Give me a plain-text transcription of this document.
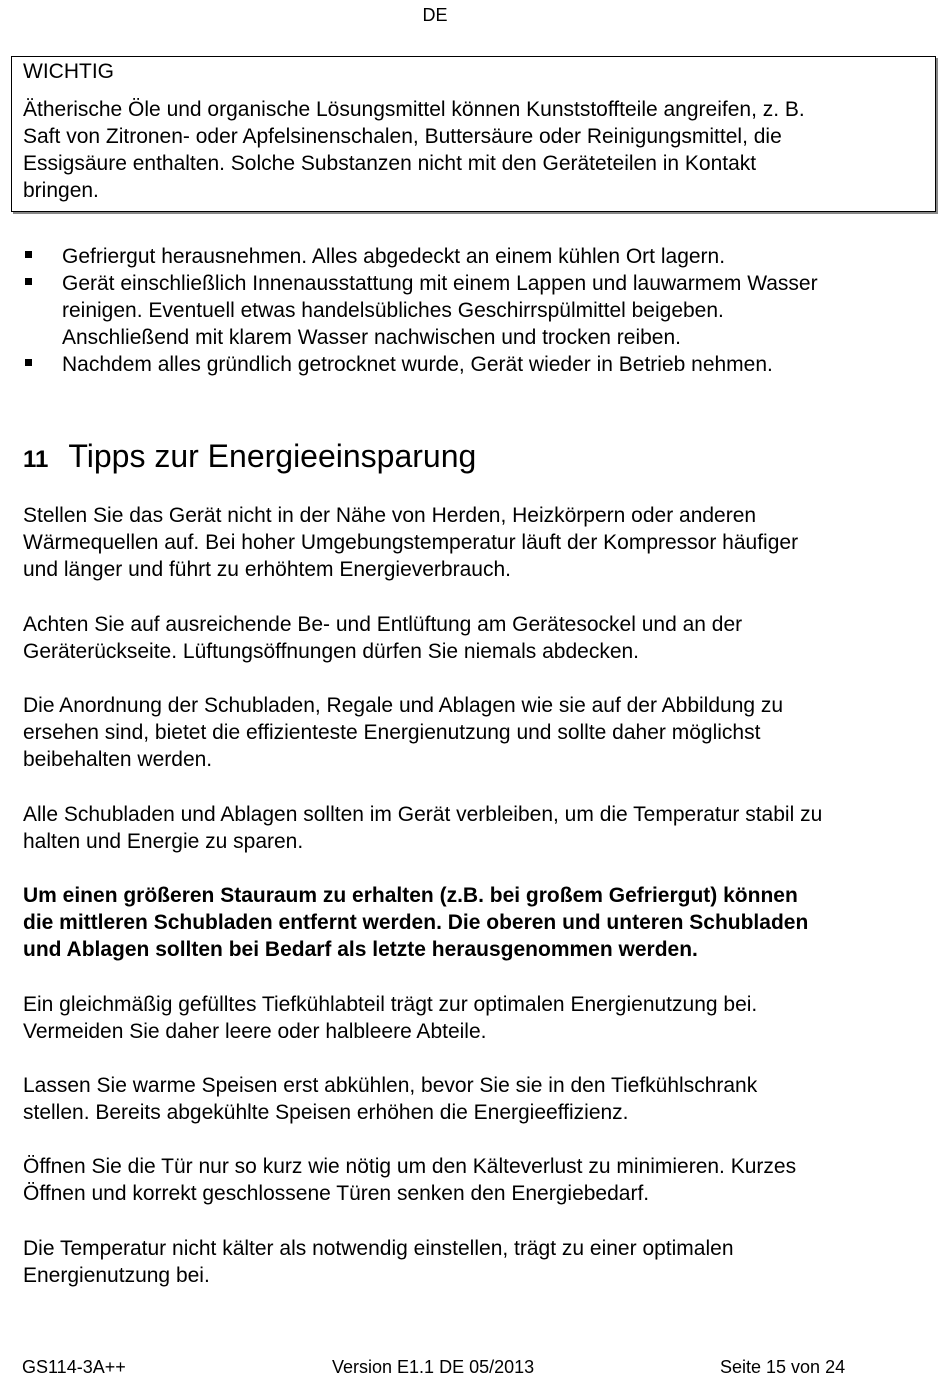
DE
WICHTIG
Ätherische Öle und organische Lösungsmittel können Kunststoffteile angreifen, z. B.
Saft von Zitronen- oder Apfelsinenschalen, Buttersäure oder Reinigungsmittel, die
Essigsäure enthalten. Solche Substanzen nicht mit den Geräteteilen in Kontakt
bringen.
Gefriergut herausnehmen. Alles abgedeckt an einem kühlen Ort lagern.
Gerät einschließlich Innenausstattung mit einem Lappen und lauwarmem Wasser
reinigen. Eventuell etwas handelsübliches Geschirrspülmittel beigeben.
Anschließend mit klarem Wasser nachwischen und trocken reiben.
Nachdem alles gründlich getrocknet wurde, Gerät wieder in Betrieb nehmen.
11 Tipps zur Energieeinsparung
Stellen Sie das Gerät nicht in der Nähe von Herden, Heizkörpern oder anderen
Wärmequellen auf. Bei hoher Umgebungstemperatur läuft der Kompressor häufiger
und länger und führt zu erhöhtem Energieverbrauch.
Achten Sie auf ausreichende Be- und Entlüftung am Gerätesockel und an der
Geräterückseite. Lüftungsöffnungen dürfen Sie niemals abdecken.
Die Anordnung der Schubladen, Regale und Ablagen wie sie auf der Abbildung zu
ersehen sind, bietet die effizienteste Energienutzung und sollte daher möglichst
beibehalten werden.
Alle Schubladen und Ablagen sollten im Gerät verbleiben, um die Temperatur stabil zu
halten und Energie zu sparen.
Um einen größeren Stauraum zu erhalten (z.B. bei großem Gefriergut) können
die mittleren Schubladen entfernt werden. Die oberen und unteren Schubladen
und Ablagen sollten bei Bedarf als letzte herausgenommen werden.
Ein gleichmäßig gefülltes Tiefkühlabteil trägt zur optimalen Energienutzung bei.
Vermeiden Sie daher leere oder halbleere Abteile.
Lassen Sie warme Speisen erst abkühlen, bevor Sie sie in den Tiefkühlschrank
stellen. Bereits abgekühlte Speisen erhöhen die Energieeffizienz.
Öffnen Sie die Tür nur so kurz wie nötig um den Kälteverlust zu minimieren. Kurzes
Öffnen und korrekt geschlossene Türen senken den Energiebedarf.
Die Temperatur nicht kälter als notwendig einstellen, trägt zu einer optimalen
Energienutzung bei.
GS114-3A++	Version E1.1 DE 05/2013	Seite 15 von 24
